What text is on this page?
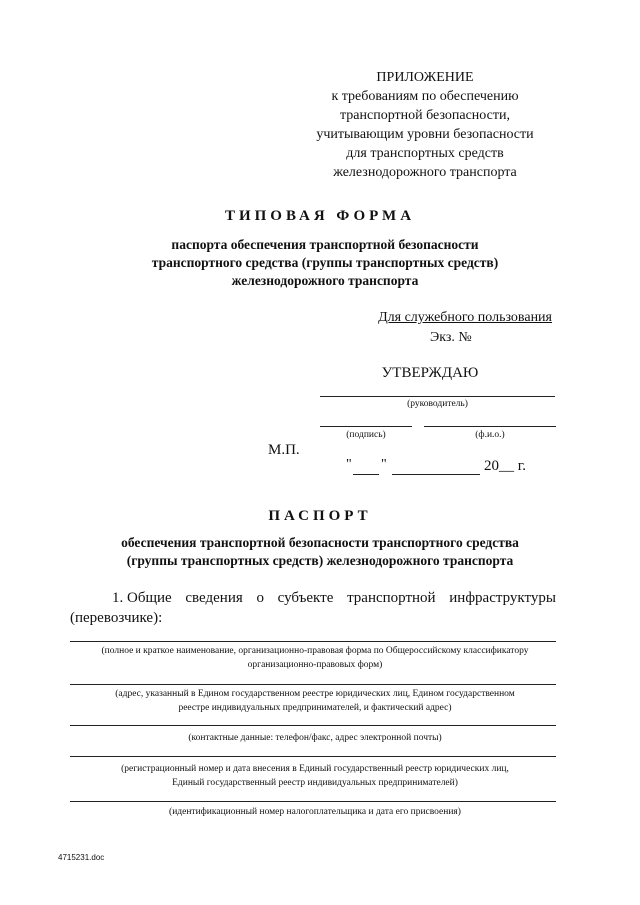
ПРИЛОЖЕНИЕ
к требованиям по обеспечению
транспортной безопасности,
учитывающим уровни безопасности
для транспортных средств
железнодорожного транспорта
ТИПОВАЯ ФОРМА
паспорта обеспечения транспортной безопасности
транспортного средства (группы транспортных средств)
железнодорожного транспорта
Для служебного пользования
Экз. №
УТВЕРЖДАЮ
(руководитель)
(подпись)	(ф.и.о.)
М.П.
" "	20__ г.
ПАСПОРТ
обеспечения транспортной безопасности транспортного средства
(группы транспортных средств) железнодорожного транспорта
1. Общие сведения о субъекте транспортной инфраструктуры
(перевозчике):
(полное и краткое наименование, организационно-правовая форма по Общероссийскому классификатору
организационно-правовых форм)
(адрес, указанный в Едином государственном реестре юридических лиц, Едином государственном
реестре индивидуальных предпринимателей, и фактический адрес)
(контактные данные: телефон/факс, адрес электронной почты)
(регистрационный номер и дата внесения в Единый государственный реестр юридических лиц,
Единый государственный реестр индивидуальных предпринимателей)
(идентификационный номер налогоплательщика и дата его присвоения)
4715231.doc
